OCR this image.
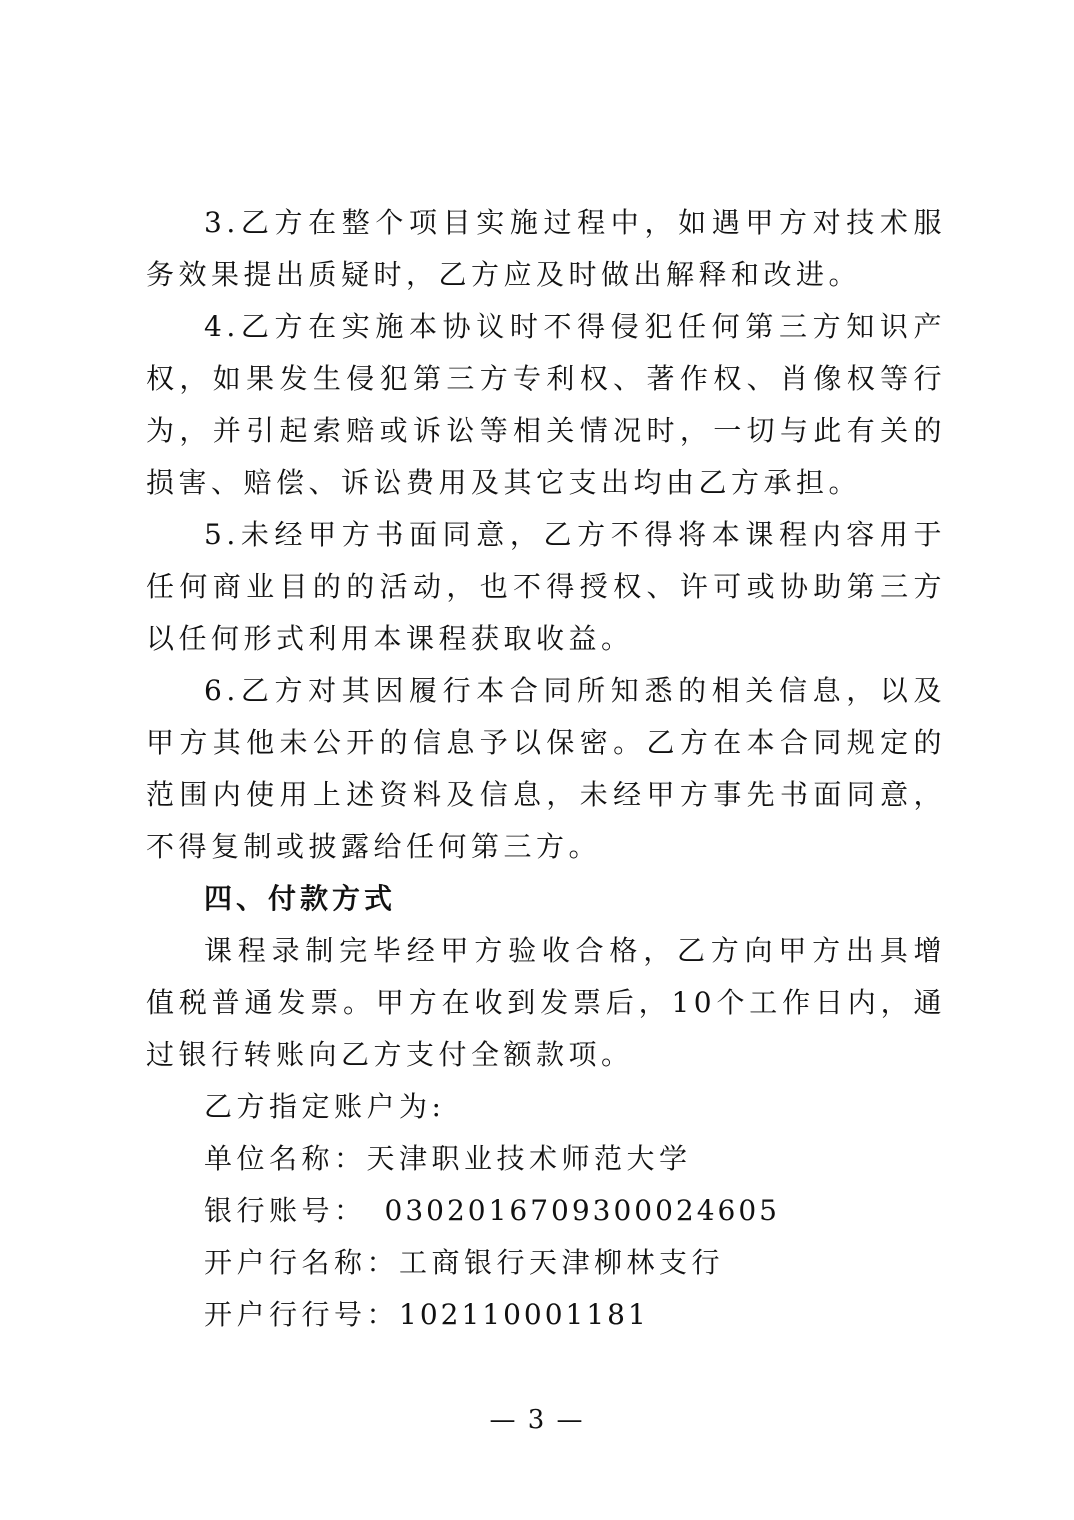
3.乙方在整个项目实施过程中，如遇甲方对技术服务效果提出质疑时，乙方应及时做出解释和改进。

4.乙方在实施本协议时不得侵犯任何第三方知识产权，如果发生侵犯第三方专利权、著作权、肖像权等行为，并引起索赔或诉讼等相关情况时，一切与此有关的损害、赔偿、诉讼费用及其它支出均由乙方承担。

5.未经甲方书面同意，乙方不得将本课程内容用于任何商业目的的活动，也不得授权、许可或协助第三方以任何形式利用本课程获取收益。

6.乙方对其因履行本合同所知悉的相关信息，以及甲方其他未公开的信息予以保密。乙方在本合同规定的范围内使用上述资料及信息，未经甲方事先书面同意，不得复制或披露给任何第三方。

四、付款方式

课程录制完毕经甲方验收合格，乙方向甲方出具增值税普通发票。甲方在收到发票后，10个工作日内，通过银行转账向乙方支付全额款项。

乙方指定账户为:

单位名称：天津职业技术师范大学

银行账号： 0302016709300024605

开户行名称：工商银行天津柳林支行

开户行行号：102110001181

— 3 —
